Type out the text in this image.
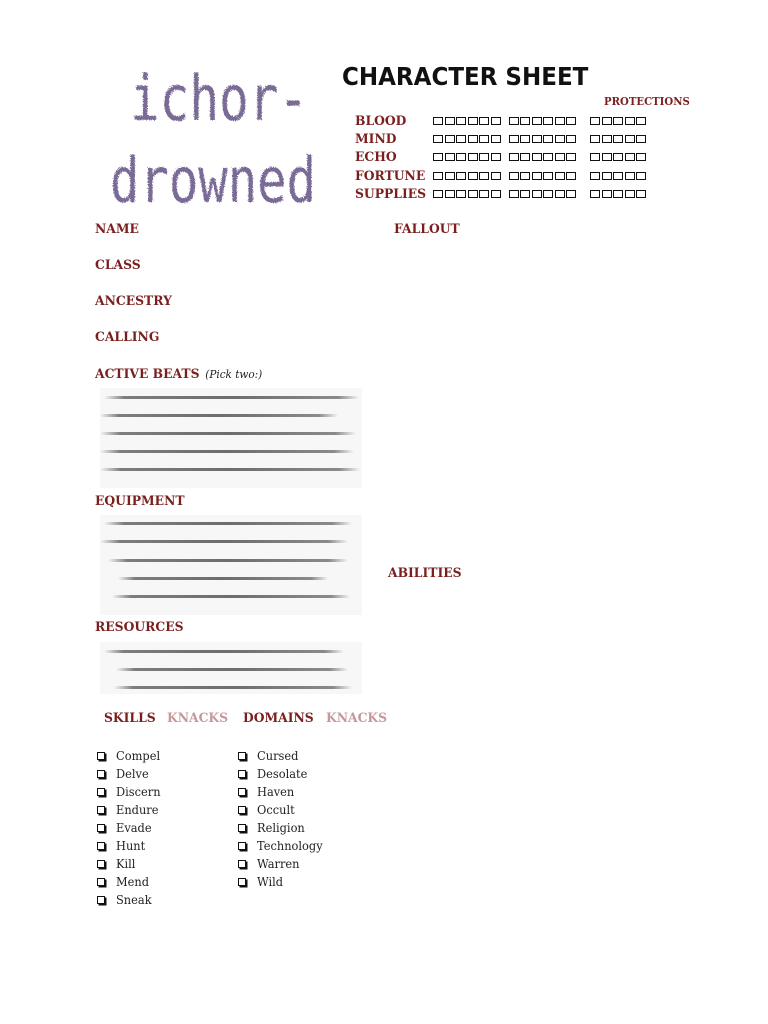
ichor-
drowned
CHARACTER SHEET
PROTECTIONS
BLOOD
MIND
ECHO
FORTUNE
SUPPLIES
NAME	FALLOUT
CLASS
ANCESTRY
CALLING
ACTIVE BEATS (Pick two:)
EQUIPMENT
ABILITIES
RESOURCES
SKILLS KNACKS DOMAINS KNACKS
Compel
Delve
Discern
Endure
Evade
Hunt
Kill
Mend
Sneak
Cursed
Desolate
Haven
Occult
Religion
Technology
Warren
Wild
